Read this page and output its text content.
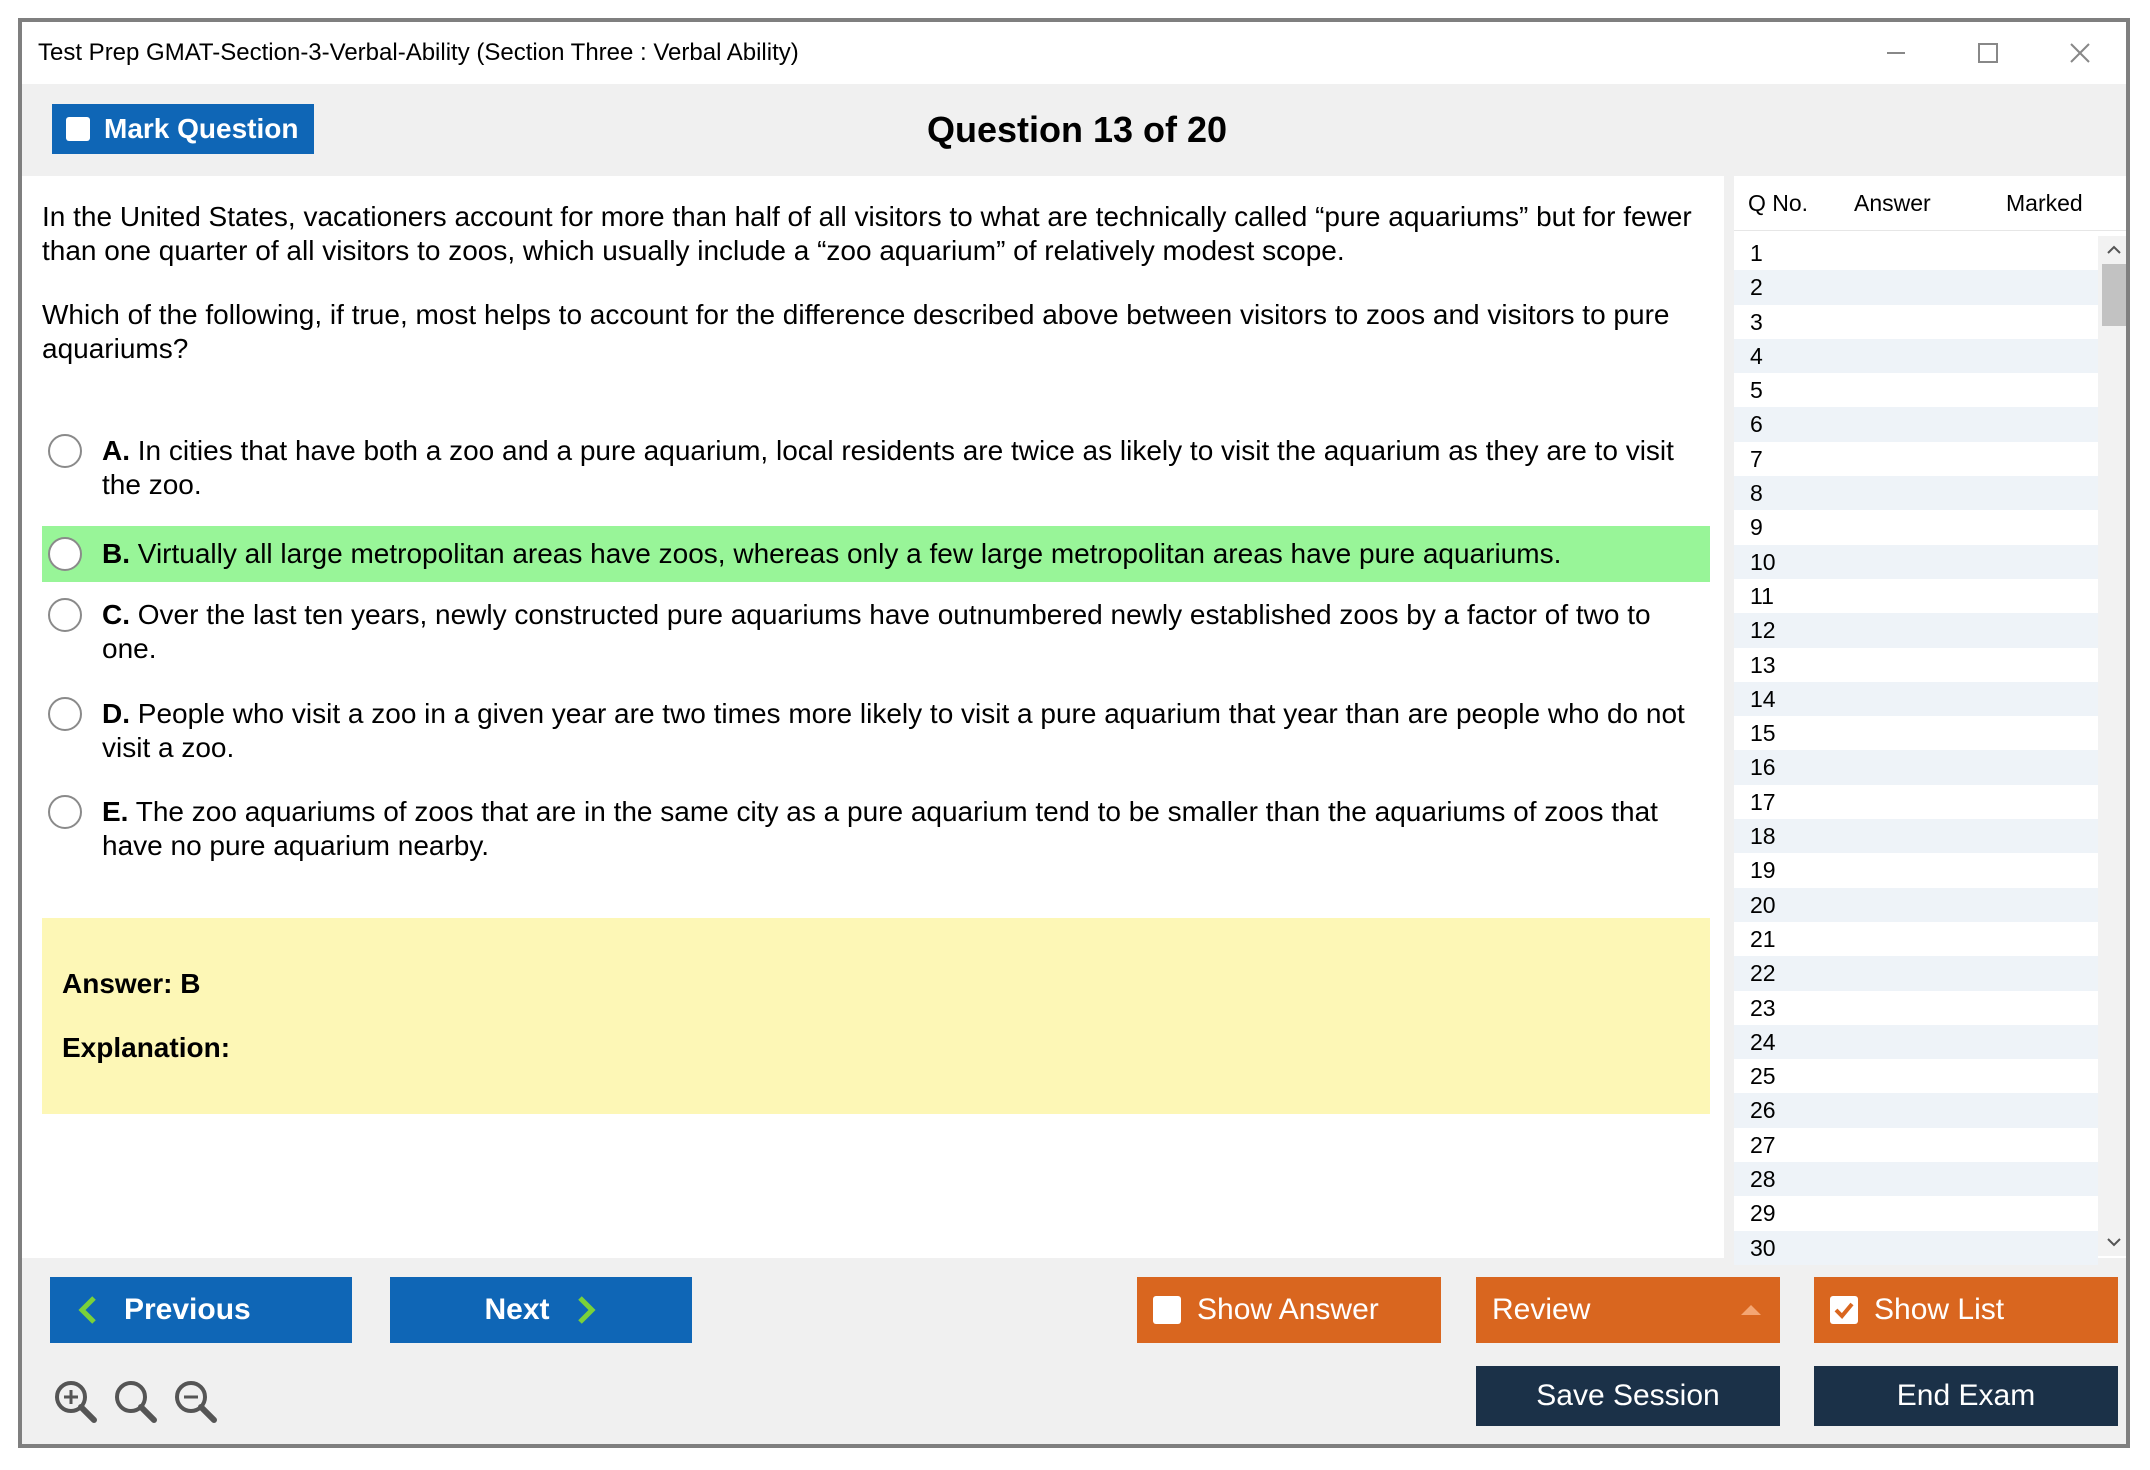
Test Prep GMAT-Section-3-Verbal-Ability (Section Three : Verbal Ability)
Mark Question	Question 13 of 20
In the United States, vacationers account for more than half of all visitors to what are technically called “pure aquariums” but for fewer than one quarter of all visitors to zoos, which usually include a “zoo aquarium” of relatively modest scope.
Which of the following, if true, most helps to account for the difference described above between visitors to zoos and visitors to pure aquariums?
A. In cities that have both a zoo and a pure aquarium, local residents are twice as likely to visit the aquarium as they are to visit the zoo.
B. Virtually all large metropolitan areas have zoos, whereas only a few large metropolitan areas have pure aquariums.
C. Over the last ten years, newly constructed pure aquariums have outnumbered newly established zoos by a factor of two to one.
D. People who visit a zoo in a given year are two times more likely to visit a pure aquarium that year than are people who do not visit a zoo.
E. The zoo aquariums of zoos that are in the same city as a pure aquarium tend to be smaller than the aquariums of zoos that have no pure aquarium nearby.
Answer: B
Explanation:
Q No. Answer	Marked
1
2
3
4
5
6
7
8
9
10
11
12
13
14
15
16
17
18
19
20
21
22
23
24
25
26
27
28
29
30
Previous	Next	Show Answer	Review	Show List
Save Session	End Exam
